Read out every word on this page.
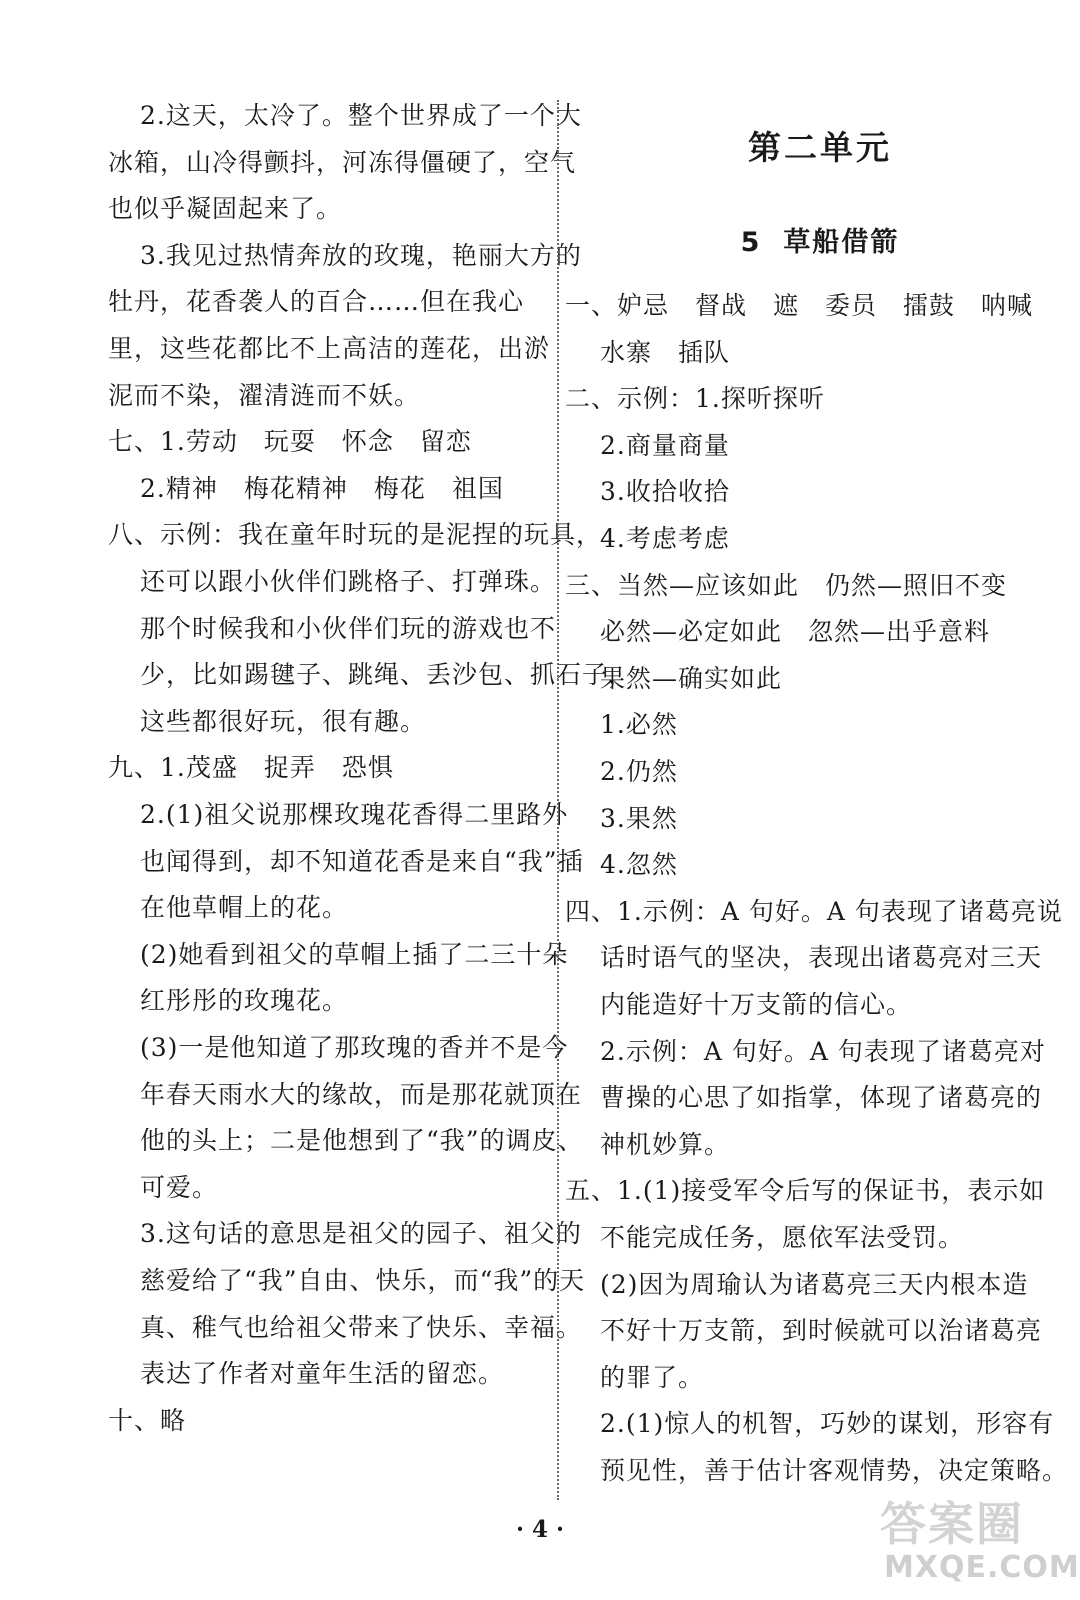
2.这天，太冷了。整个世界成了一个大
冰箱，山冷得颤抖，河冻得僵硬了，空气
也似乎凝固起来了。
3.我见过热情奔放的玫瑰，艳丽大方的
牡丹，花香袭人的百合……但在我心
里，这些花都比不上高洁的莲花，出淤
泥而不染，濯清涟而不妖。
七、1.劳动　玩耍　怀念　留恋
2.精神　梅花精神　梅花　祖国
八、示例：我在童年时玩的是泥捏的玩具，
还可以跟小伙伴们跳格子、打弹珠。
那个时候我和小伙伴们玩的游戏也不
少，比如踢毽子、跳绳、丢沙包、抓石子，
这些都很好玩，很有趣。
九、1.茂盛　捉弄　恐惧
2.(1)祖父说那棵玫瑰花香得二里路外
也闻得到，却不知道花香是来自“我”插
在他草帽上的花。
(2)她看到祖父的草帽上插了二三十朵
红彤彤的玫瑰花。
(3)一是他知道了那玫瑰的香并不是今
年春天雨水大的缘故，而是那花就顶在
他的头上；二是他想到了“我”的调皮、
可爱。
3.这句话的意思是祖父的园子、祖父的
慈爱给了“我”自由、快乐，而“我”的天
真、稚气也给祖父带来了快乐、幸福。
表达了作者对童年生活的留恋。
十、略
第二单元
5 草船借箭
一、妒忌　督战　遮　委员　擂鼓　呐喊
水寨　插队
二、示例：1.探听探听
2.商量商量
3.收拾收拾
4.考虑考虑
三、当然—应该如此　仍然—照旧不变
必然—必定如此　忽然—出乎意料
果然—确实如此
1.必然
2.仍然
3.果然
4.忽然
四、1.示例：A 句好。A 句表现了诸葛亮说
话时语气的坚决，表现出诸葛亮对三天
内能造好十万支箭的信心。
2.示例：A 句好。A 句表现了诸葛亮对
曹操的心思了如指掌，体现了诸葛亮的
神机妙算。
五、1.(1)接受军令后写的保证书，表示如
不能完成任务，愿依军法受罚。
(2)因为周瑜认为诸葛亮三天内根本造
不好十万支箭，到时候就可以治诸葛亮
的罪了。
2.(1)惊人的机智，巧妙的谋划，形容有
预见性，善于估计客观情势，决定策略。
· 4 ·	答案圈
MXQE.COM
